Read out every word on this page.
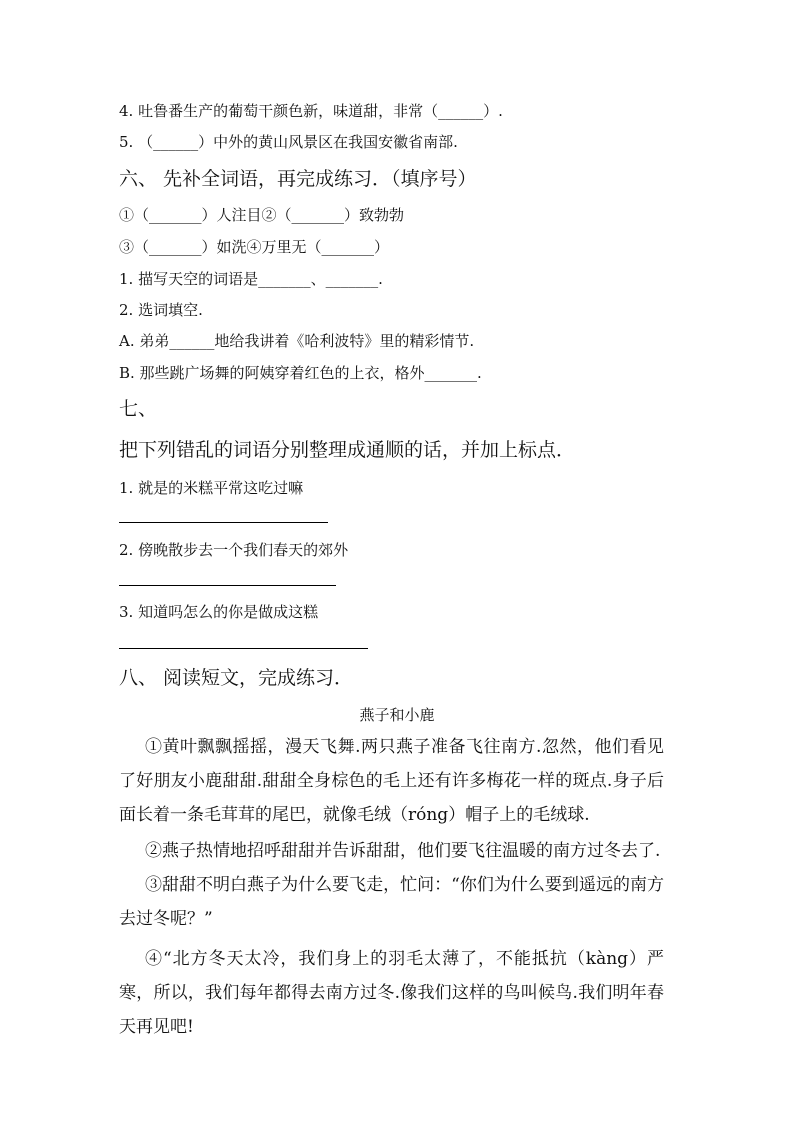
4. 吐鲁番生产的葡萄干颜色新，味道甜，非常（______）.
5. （______）中外的黄山风景区在我国安徽省南部.
六、 先补全词语，再完成练习．（填序号）
①（_______）人注目②（_______）致勃勃
③（_______）如洗④万里无（_______）
1. 描写天空的词语是_______、_______.
2. 选词填空.
A. 弟弟______地给我讲着《哈利波特》里的精彩情节.
B. 那些跳广场舞的阿姨穿着红色的上衣，格外_______.
七、
把下列错乱的词语分别整理成通顺的话，并加上标点．
1. 就是的米糕平常这吃过嘛
2. 傍晚散步去一个我们春天的郊外
3. 知道吗怎么的你是做成这糕
八、 阅读短文，完成练习．
燕子和小鹿

①黄叶飘飘摇摇，漫天飞舞.两只燕子准备飞往南方.忽然，他们看见了好朋友小鹿甜甜.甜甜全身棕色的毛上还有许多梅花一样的斑点.身子后面长着一条毛茸茸的尾巴，就像毛绒（róng）帽子上的毛绒球.

②燕子热情地招呼甜甜并告诉甜甜，他们要飞往温暖的南方过冬去了.

③甜甜不明白燕子为什么要飞走，忙问：“你们为什么要到遥远的南方去过冬呢？”

④“北方冬天太冷，我们身上的羽毛太薄了，不能抵抗（kàng）严寒，所以，我们每年都得去南方过冬.像我们这样的鸟叫候鸟.我们明年春天再见吧!
